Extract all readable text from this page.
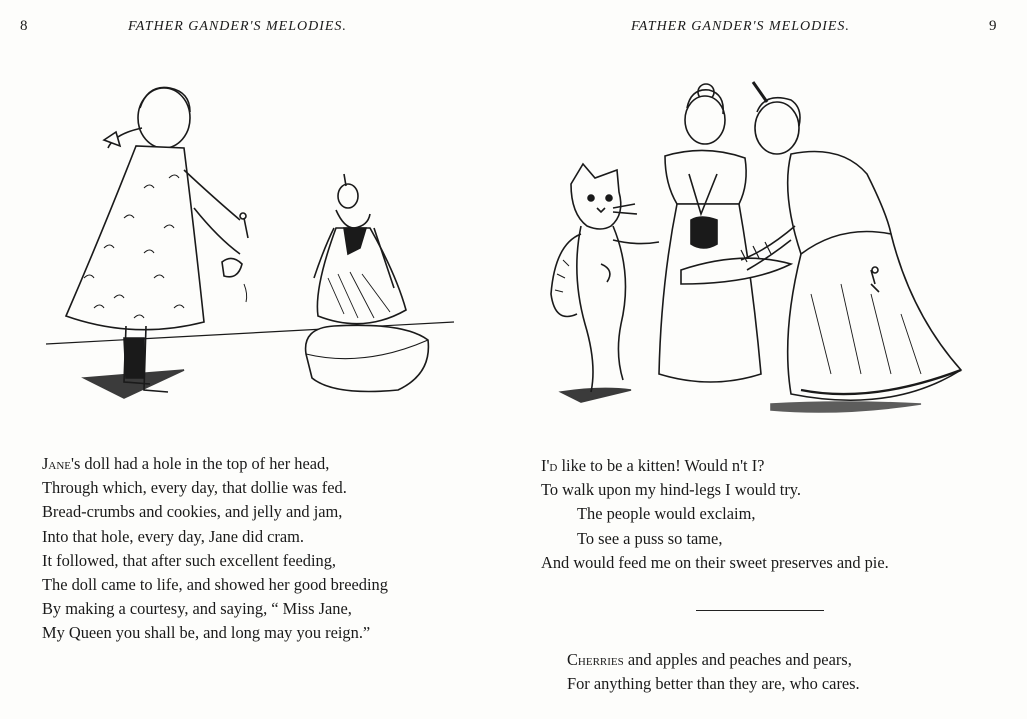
8	FATHER GANDER'S MELODIES.
Jane's doll had a hole in the top of her head,
Through which, every day, that dollie was fed.
Bread-crumbs and cookies, and jelly and jam,
Into that hole, every day, Jane did cram.
It followed, that after such excellent feeding,
The doll came to life, and showed her good breeding
By making a courtesy, and saying, “ Miss Jane,
My Queen you shall be, and long may you reign.”
FATHER GANDER'S MELODIES.	9
I'd like to be a kitten! Would n't I?
To walk upon my hind-legs I would try.
The people would exclaim,
To see a puss so tame,
And would feed me on their sweet preserves and pie.
Cherries and apples and peaches and pears,
For anything better than they are, who cares.
